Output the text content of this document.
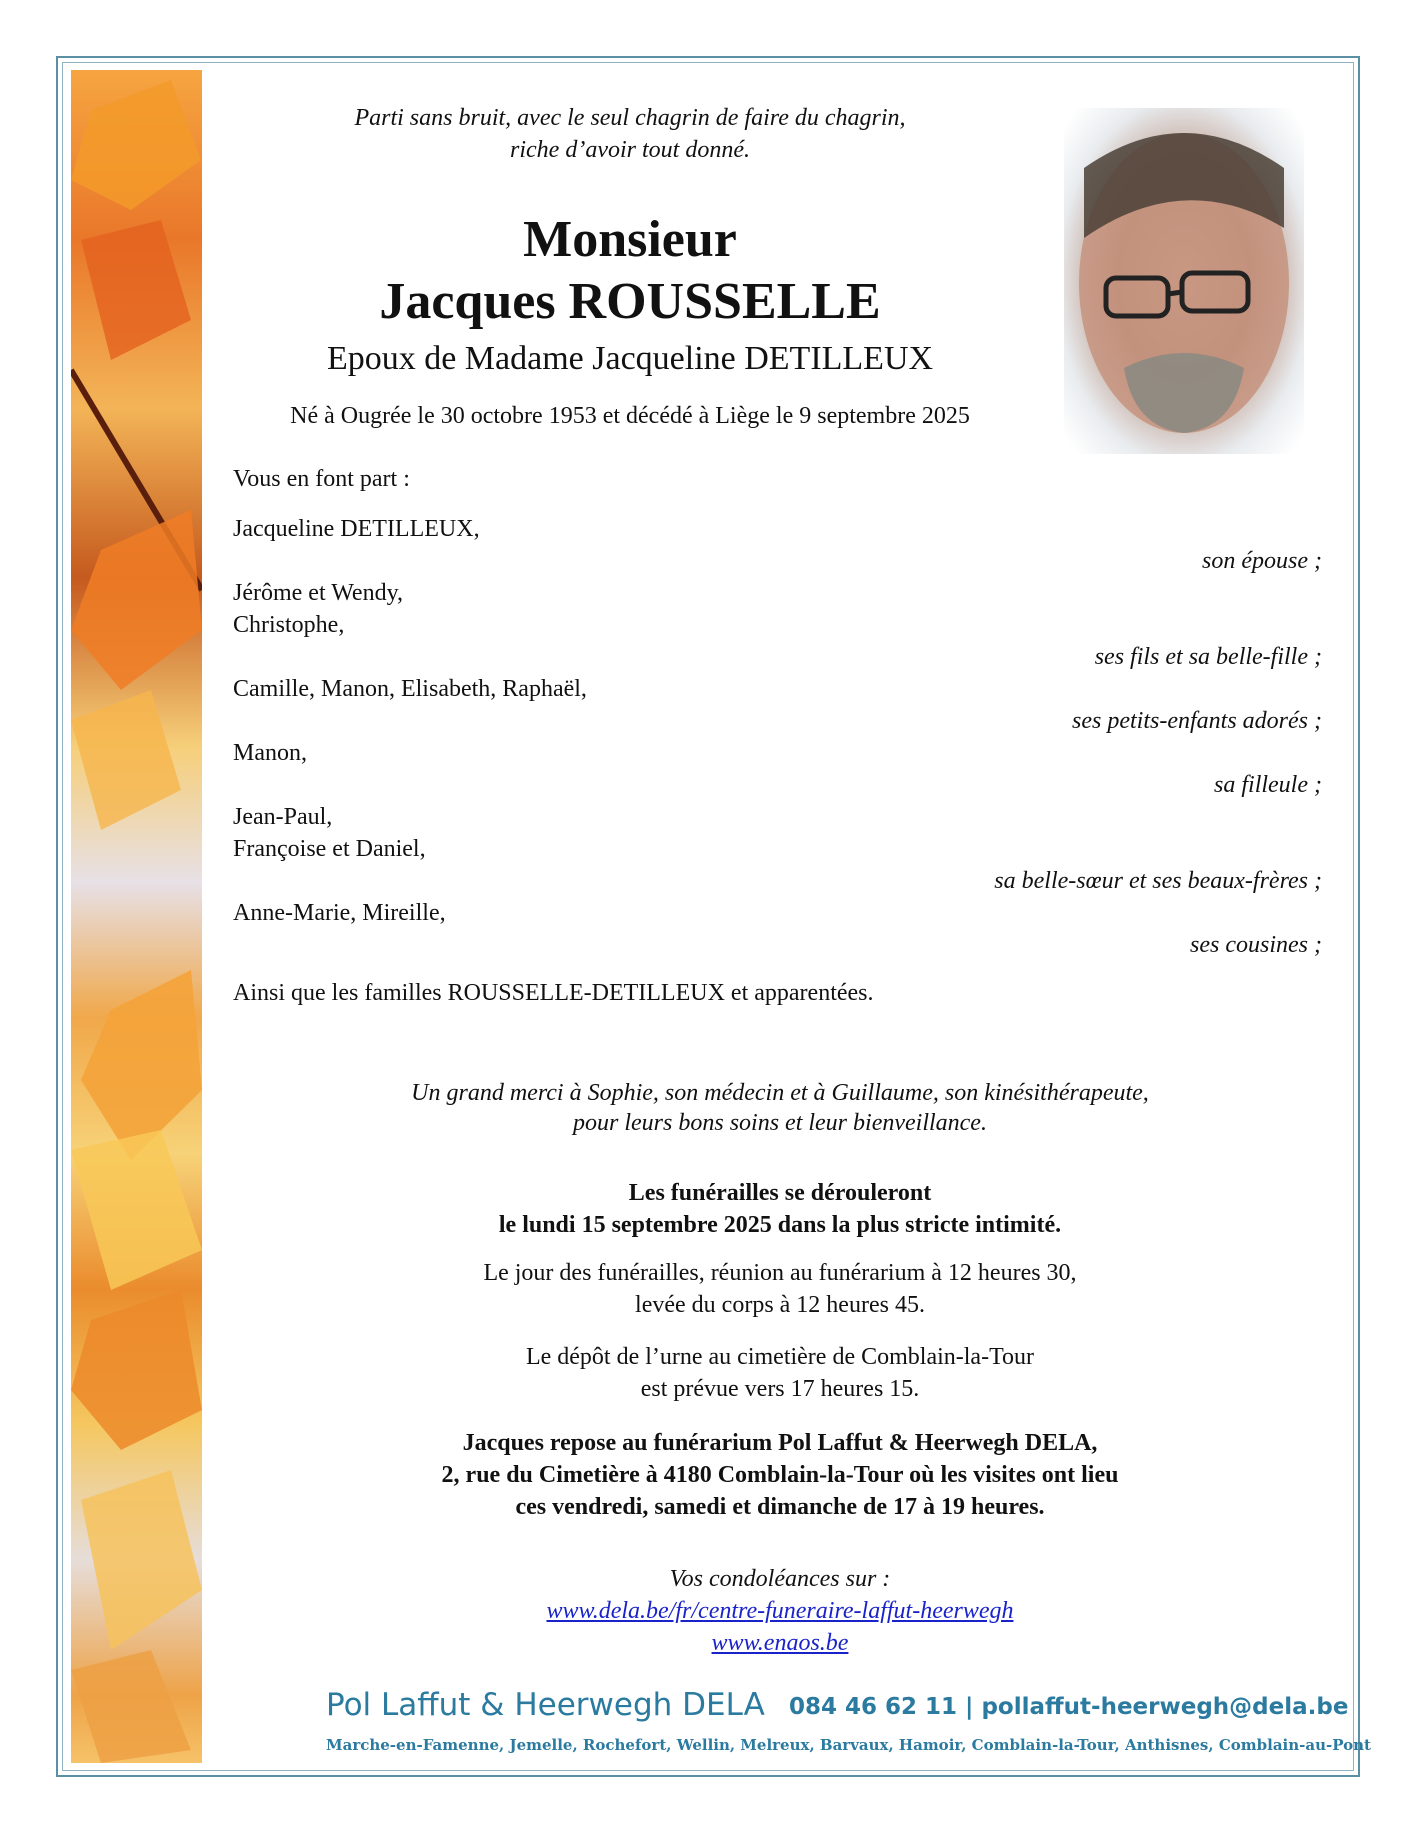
Parti sans bruit, avec le seul chagrin de faire du chagrin,
riche d’avoir tout donné.
Monsieur
Jacques ROUSSELLE
Epoux de Madame Jacqueline DETILLEUX
Né à Ougrée le 30 octobre 1953 et décédé à Liège le 9 septembre 2025
Vous en font part :
Jacqueline DETILLEUX,
son épouse ;
Jérôme et Wendy,
Christophe,
ses fils et sa belle-fille ;
Camille, Manon, Elisabeth, Raphaël,
ses petits-enfants adorés ;
Manon,
sa filleule ;
Jean-Paul,
Françoise et Daniel,
sa belle-sœur et ses beaux-frères ;
Anne-Marie, Mireille,
ses cousines ;
Ainsi que les familles ROUSSELLE-DETILLEUX et apparentées.
Un grand merci à Sophie, son médecin et à Guillaume, son kinésithérapeute,
pour leurs bons soins et leur bienveillance.
Les funérailles se dérouleront
le lundi 15 septembre 2025 dans la plus stricte intimité.
Le jour des funérailles, réunion au funérarium à 12 heures 30,
levée du corps à 12 heures 45.
Le dépôt de l’urne au cimetière de Comblain-la-Tour
est prévue vers 17 heures 15.
Jacques repose au funérarium Pol Laffut & Heerwegh DELA,
2, rue du Cimetière à 4180 Comblain-la-Tour où les visites ont lieu
ces vendredi, samedi et dimanche de 17 à 19 heures.
Vos condoléances sur :
www.dela.be/fr/centre-funeraire-laffut-heerwegh
www.enaos.be
Pol Laffut & Heerwegh DELA 084 46 62 11 | pollaffut-heerwegh@dela.be
Marche-en-Famenne, Jemelle, Rochefort, Wellin, Melreux, Barvaux, Hamoir, Comblain-la-Tour, Anthisnes, Comblain-au-Pont
